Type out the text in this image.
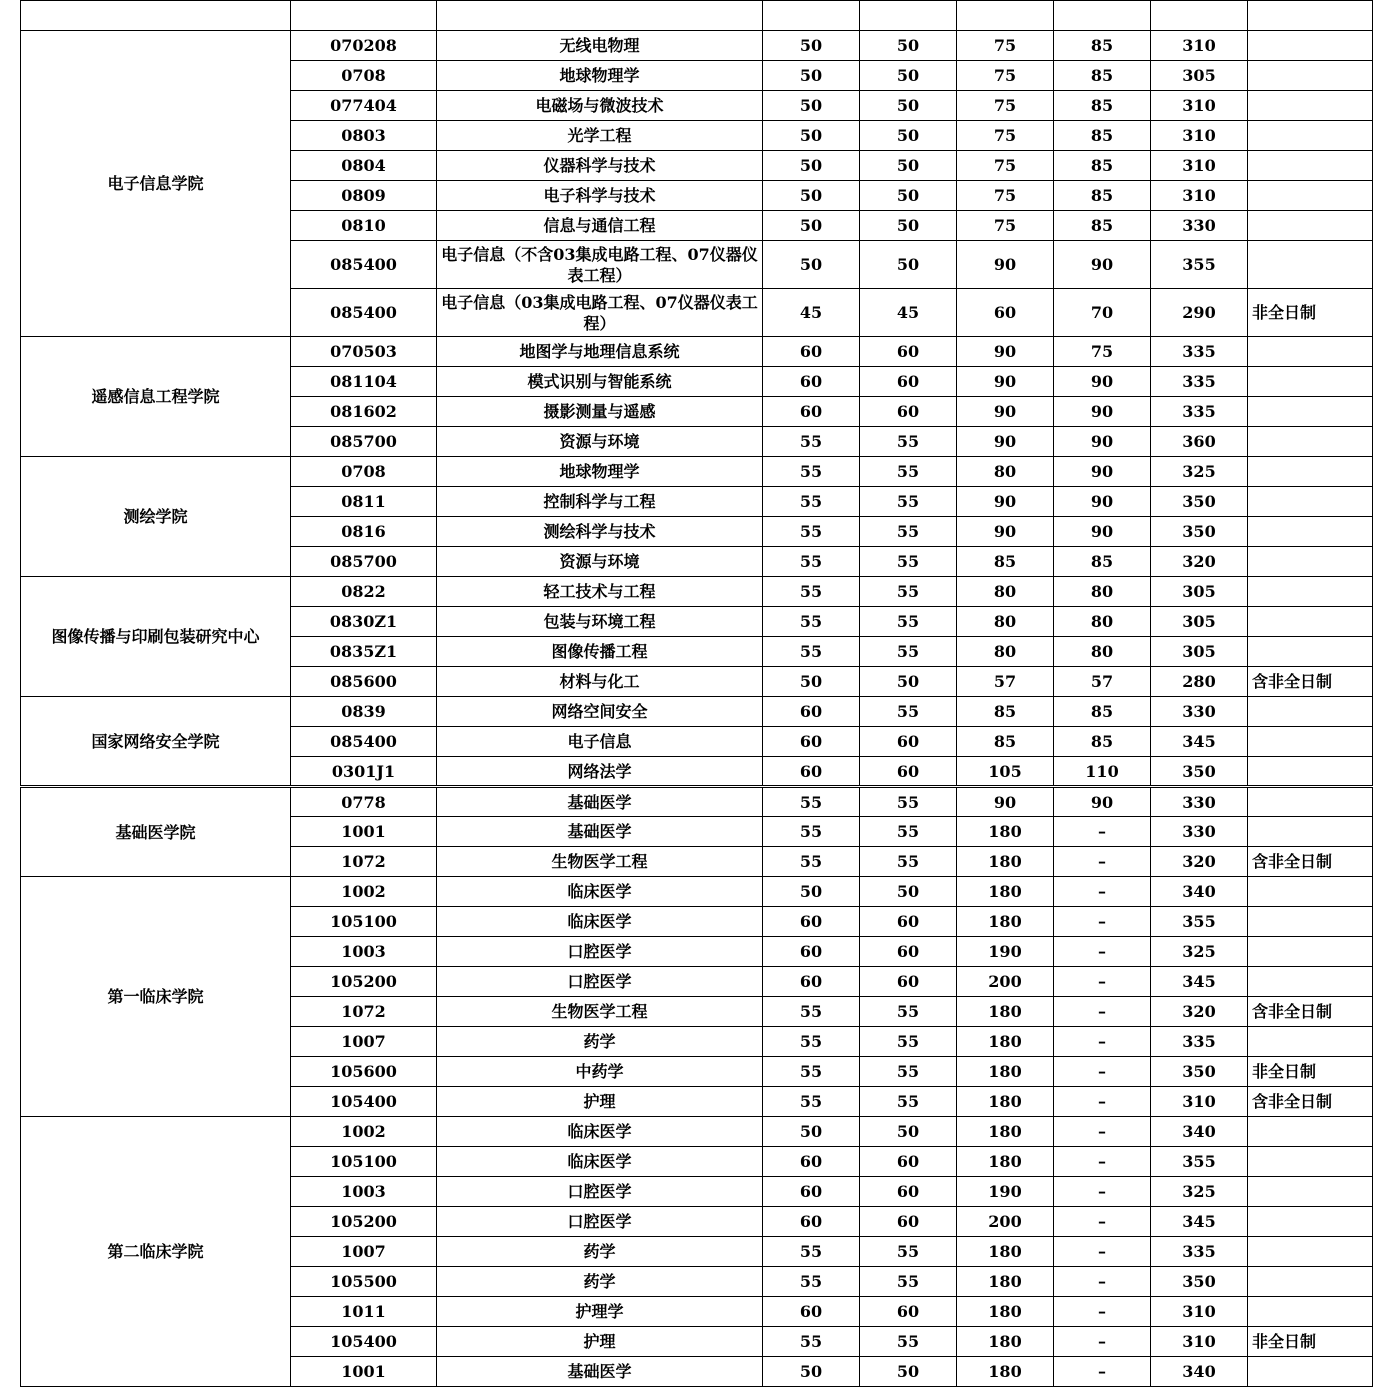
电子信息学院	070208	无线电物理	50	50	75	85	310	
	0708	地球物理学	50	50	75	85	305	
	077404	电磁场与微波技术	50	50	75	85	310	
	0803	光学工程	50	50	75	85	310	
	0804	仪器科学与技术	50	50	75	85	310	
	0809	电子科学与技术	50	50	75	85	310	
	0810	信息与通信工程	50	50	75	85	330	
	085400	电子信息（不含03集成电路工程、07仪器仪表工程）	50	50	90	90	355	
	085400	电子信息（03集成电路工程、07仪器仪表工程）	45	45	60	70	290	非全日制
遥感信息工程学院	070503	地图学与地理信息系统	60	60	90	75	335	
	081104	模式识别与智能系统	60	60	90	90	335	
	081602	摄影测量与遥感	60	60	90	90	335	
	085700	资源与环境	55	55	90	90	360	
测绘学院	0708	地球物理学	55	55	80	90	325	
	0811	控制科学与工程	55	55	90	90	350	
	0816	测绘科学与技术	55	55	90	90	350	
	085700	资源与环境	55	55	85	85	320	
图像传播与印刷包装研究中心	0822	轻工技术与工程	55	55	80	80	305	
	0830Z1	包装与环境工程	55	55	80	80	305	
	0835Z1	图像传播工程	55	55	80	80	305	
	085600	材料与化工	50	50	57	57	280	含非全日制
国家网络安全学院	0839	网络空间安全	60	55	85	85	330	
	085400	电子信息	60	60	85	85	345	
	0301J1	网络法学	60	60	105	110	350	
基础医学院	0778	基础医学	55	55	90	90	330	
	1001	基础医学	55	55	180	–	330	
	1072	生物医学工程	55	55	180	–	320	含非全日制
第一临床学院	1002	临床医学	50	50	180	–	340	
	105100	临床医学	60	60	180	–	355	
	1003	口腔医学	60	60	190	–	325	
	105200	口腔医学	60	60	200	–	345	
	1072	生物医学工程	55	55	180	–	320	含非全日制
	1007	药学	55	55	180	–	335	
	105600	中药学	55	55	180	–	350	非全日制
	105400	护理	55	55	180	–	310	含非全日制
第二临床学院	1002	临床医学	50	50	180	–	340	
	105100	临床医学	60	60	180	–	355	
	1003	口腔医学	60	60	190	–	325	
	105200	口腔医学	60	60	200	–	345	
	1007	药学	55	55	180	–	335	
	105500	药学	55	55	180	–	350	
	1011	护理学	60	60	180	–	310	
	105400	护理	55	55	180	–	310	非全日制
	1001	基础医学	50	50	180	–	340	
